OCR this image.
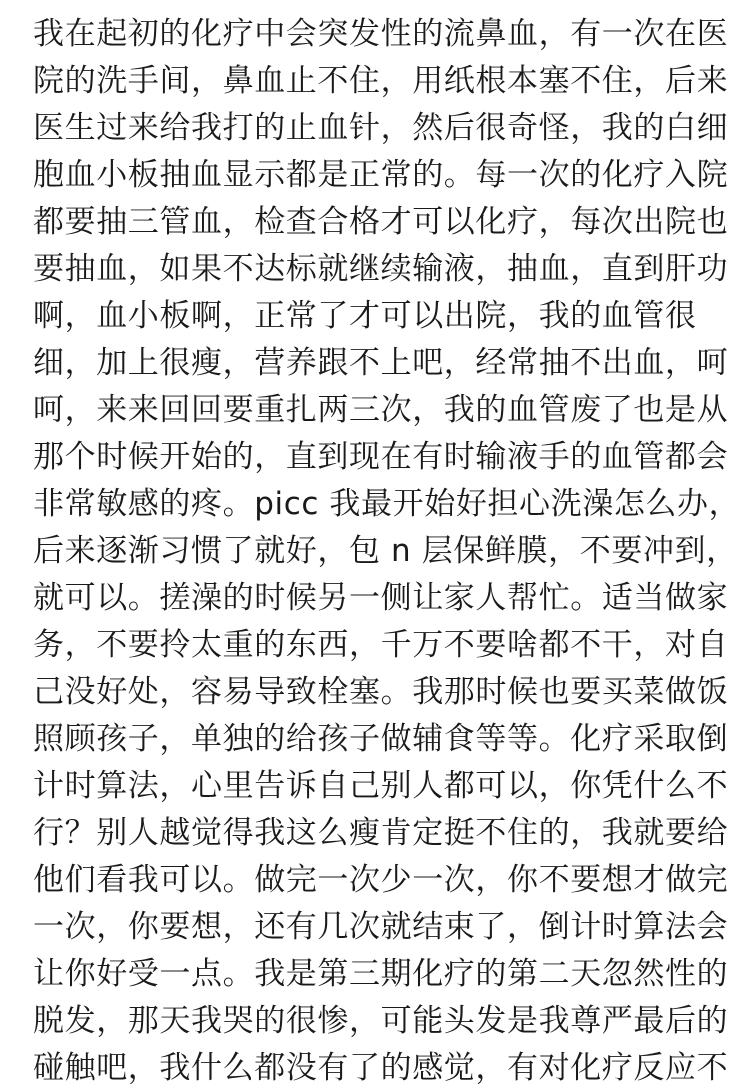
我在起初的化疗中会突发性的流鼻血，有一次在医
院的洗手间，鼻血止不住，用纸根本塞不住，后来
医生过来给我打的止血针，然后很奇怪，我的白细
胞血小板抽血显示都是正常的。每一次的化疗入院
都要抽三管血，检查合格才可以化疗，每次出院也
要抽血，如果不达标就继续输液，抽血，直到肝功
啊，血小板啊，正常了才可以出院，我的血管很
细，加上很瘦，营养跟不上吧，经常抽不出血，呵
呵，来来回回要重扎两三次，我的血管废了也是从
那个时候开始的，直到现在有时输液手的血管都会
非常敏感的疼。picc 我最开始好担心洗澡怎么办，
后来逐渐习惯了就好，包 n 层保鲜膜，不要冲到，
就可以。搓澡的时候另一侧让家人帮忙。适当做家
务，不要拎太重的东西，千万不要啥都不干，对自
己没好处，容易导致栓塞。我那时候也要买菜做饭
照顾孩子，单独的给孩子做辅食等等。化疗采取倒
计时算法，心里告诉自己别人都可以，你凭什么不
行？别人越觉得我这么瘦肯定挺不住的，我就要给
他们看我可以。做完一次少一次，你不要想才做完
一次，你要想，还有几次就结束了，倒计时算法会
让你好受一点。我是第三期化疗的第二天忽然性的
脱发，那天我哭的很惨，可能头发是我尊严最后的
碰触吧，我什么都没有了的感觉，有对化疗反应不
